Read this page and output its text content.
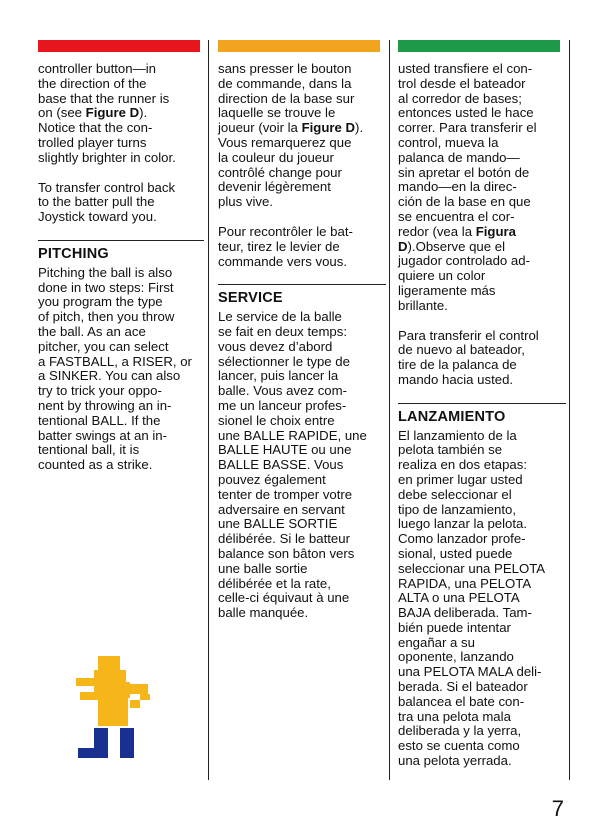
controller button—in
the direction of the
base that the runner is
on (see Figure D).
Notice that the con-
trolled player turns
slightly brighter in color.

To transfer control back
to the batter pull the
Joystick toward you.

PITCHING

Pitching the ball is also
done in two steps: First
you program the type
of pitch, then you throw
the ball. As an ace
pitcher, you can select
a FASTBALL, a RISER, or
a SINKER. You can also
try to trick your oppo-
nent by throwing an in-
tentional BALL. If the
batter swings at an in-
tentional ball, it is
counted as a strike.

sans presser le bouton
de commande, dans la
direction de la base sur
laquelle se trouve le
joueur (voir la Figure D).
Vous remarquerez que
la couleur du joueur
contrôlé change pour
devenir légèrement
plus vive.

Pour recontrôler le bat-
teur, tirez le levier de
commande vers vous.

SERVICE

Le service de la balle
se fait en deux temps:
vous devez d’abord
sélectionner le type de
lancer, puis lancer la
balle. Vous avez com-
me un lanceur profes-
sionel le choix entre
une BALLE RAPIDE, une
BALLE HAUTE ou une
BALLE BASSE. Vous
pouvez également
tenter de tromper votre
adversaire en servant
une BALLE SORTIE
délibérée. Si le batteur
balance son bâton vers
une balle sortie
délibérée et la rate,
celle-ci équivaut à une
balle manquée.

usted transfiere el con-
trol desde el bateador
al corredor de bases;
entonces usted le hace
correr. Para transferir el
control, mueva la
palanca de mando—
sin apretar el botón de
mando—en la direc-
ción de la base en que
se encuentra el cor-
redor (vea la Figura
D).Observe que el
jugador controlado ad-
quiere un color
ligeramente más
brillante.

Para transferir el control
de nuevo al bateador,
tire de la palanca de
mando hacia usted.

LANZAMIENTO

El lanzamiento de la
pelota también se
realiza en dos etapas:
en primer lugar usted
debe seleccionar el
tipo de lanzamiento,
luego lanzar la pelota.
Como lanzador profe-
sional, usted puede
seleccionar una PELOTA
RAPIDA, una PELOTA
ALTA o una PELOTA
BAJA deliberada. Tam-
bién puede intentar
engañar a su
oponente, lanzando
una PELOTA MALA deli-
berada. Si el bateador
balancea el bate con-
tra una pelota mala
deliberada y la yerra,
esto se cuenta como
una pelota yerrada.

7
